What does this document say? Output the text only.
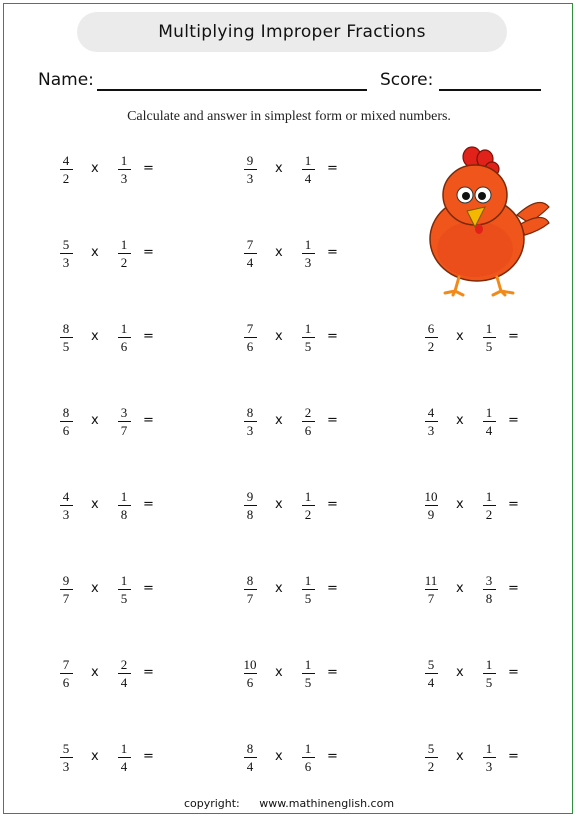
Multiplying Improper Fractions
Name:	Score:
Calculate and answer in simplest form or mixed numbers.
4
2
x
1
3
=
9
3
x
1
4
=
5
3
x
1
2
=
7
4
x
1
3
=
8
5
x
1
6
=
7
6
x
1
5
=
6
2
x
1
5
=
8
6
x
3
7
=
8
3
x
2
6
=
4
3
x
1
4
=
4
3
x
1
8
=
9
8
x
1
2
=
10
9
x
1
2
=
9
7
x
1
5
=
8
7
x
1
5
=
11
7
x
3
8
=
7
6
x
2
4
=
10
6
x
1
5
=
5
4
x
1
5
=
5
3
x
1
4
=
8
4
x
1
6
=
5
2
x
1
3
=
copyright: www.mathinenglish.com
